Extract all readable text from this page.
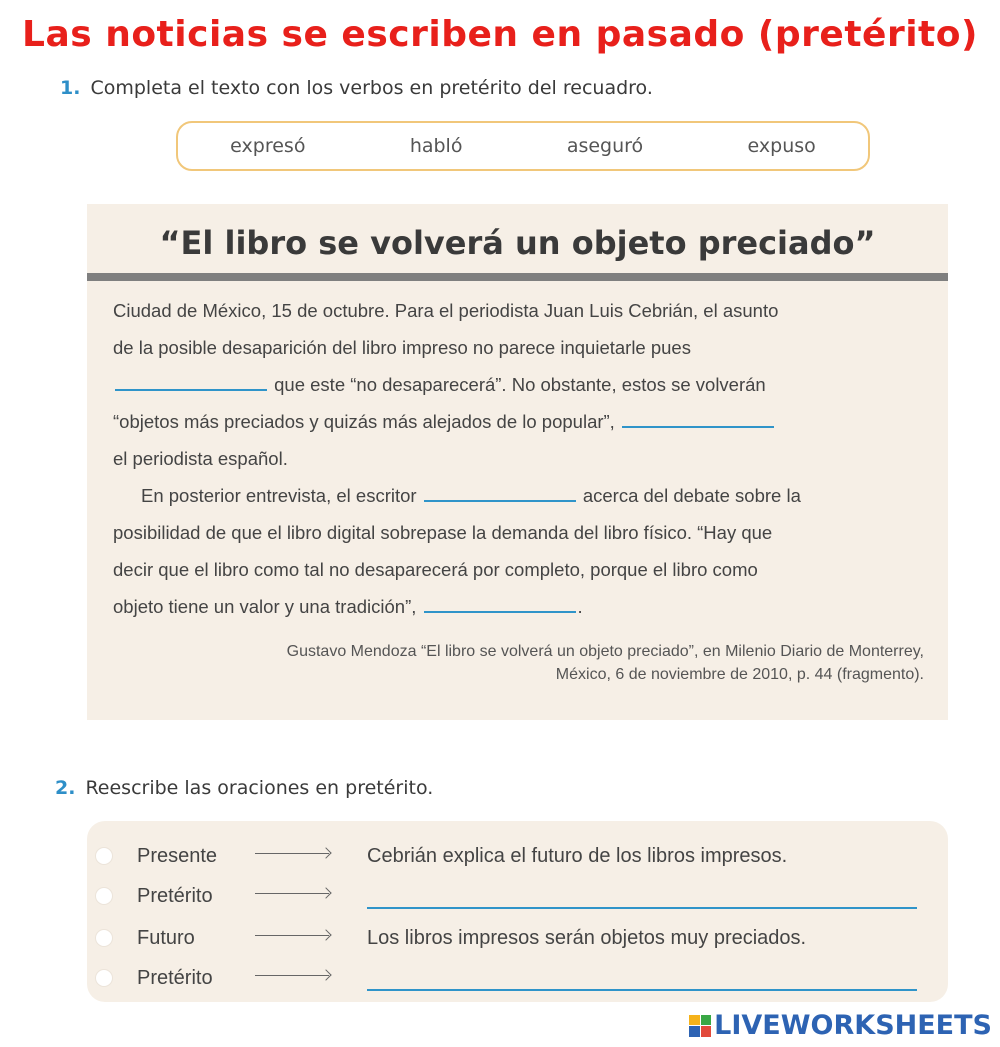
Las noticias se escriben en pasado (pretérito)
1. Completa el texto con los verbos en pretérito del recuadro.
expresó	habló	aseguró	expuso
“El libro se volverá un objeto preciado”
Ciudad de México, 15 de octubre. Para el periodista Juan Luis Cebrián, el asunto
de la posible desaparición del libro impreso no parece inquietarle pues
que este “no desaparecerá”. No obstante, estos se volverán
“objetos más preciados y quizás más alejados de lo popular”,
el periodista español.
En posterior entrevista, el escritor	acerca del debate sobre la
posibilidad de que el libro digital sobrepase la demanda del libro físico. “Hay que
decir que el libro como tal no desaparecerá por completo, porque el libro como
objeto tiene un valor y una tradición”,	.
Gustavo Mendoza “El libro se volverá un objeto preciado”, en Milenio Diario de Monterrey,
México, 6 de noviembre de 2010, p. 44 (fragmento).
2. Reescribe las oraciones en pretérito.
Presente	Cebrián explica el futuro de los libros impresos.
Pretérito
Futuro	Los libros impresos serán objetos muy preciados.
Pretérito
LIVEWORKSHEETS
